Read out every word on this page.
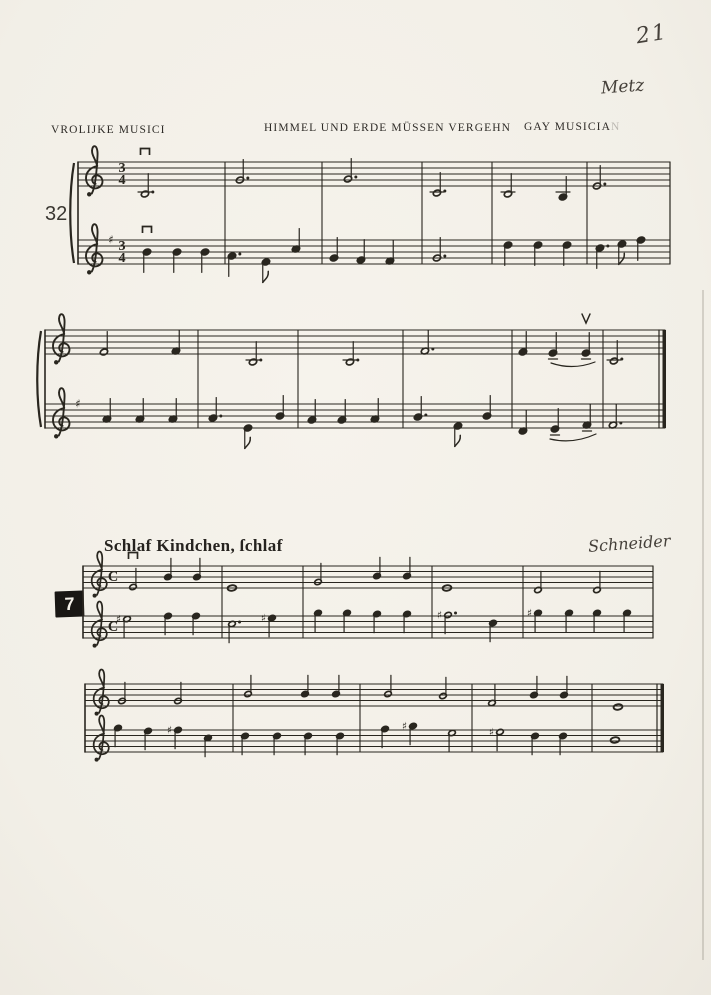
21
Metz
Schneider
VROLIJKE MUSICI	HIMMEL UND ERDE MÜSSEN VERGEHN GAY MUSICIAN
32
7
Schlaf Kindchen, ſchlaf
3
4
♯ 3
4
♯
C
C
♯	♯	♯	♯
♯	♯	♯
